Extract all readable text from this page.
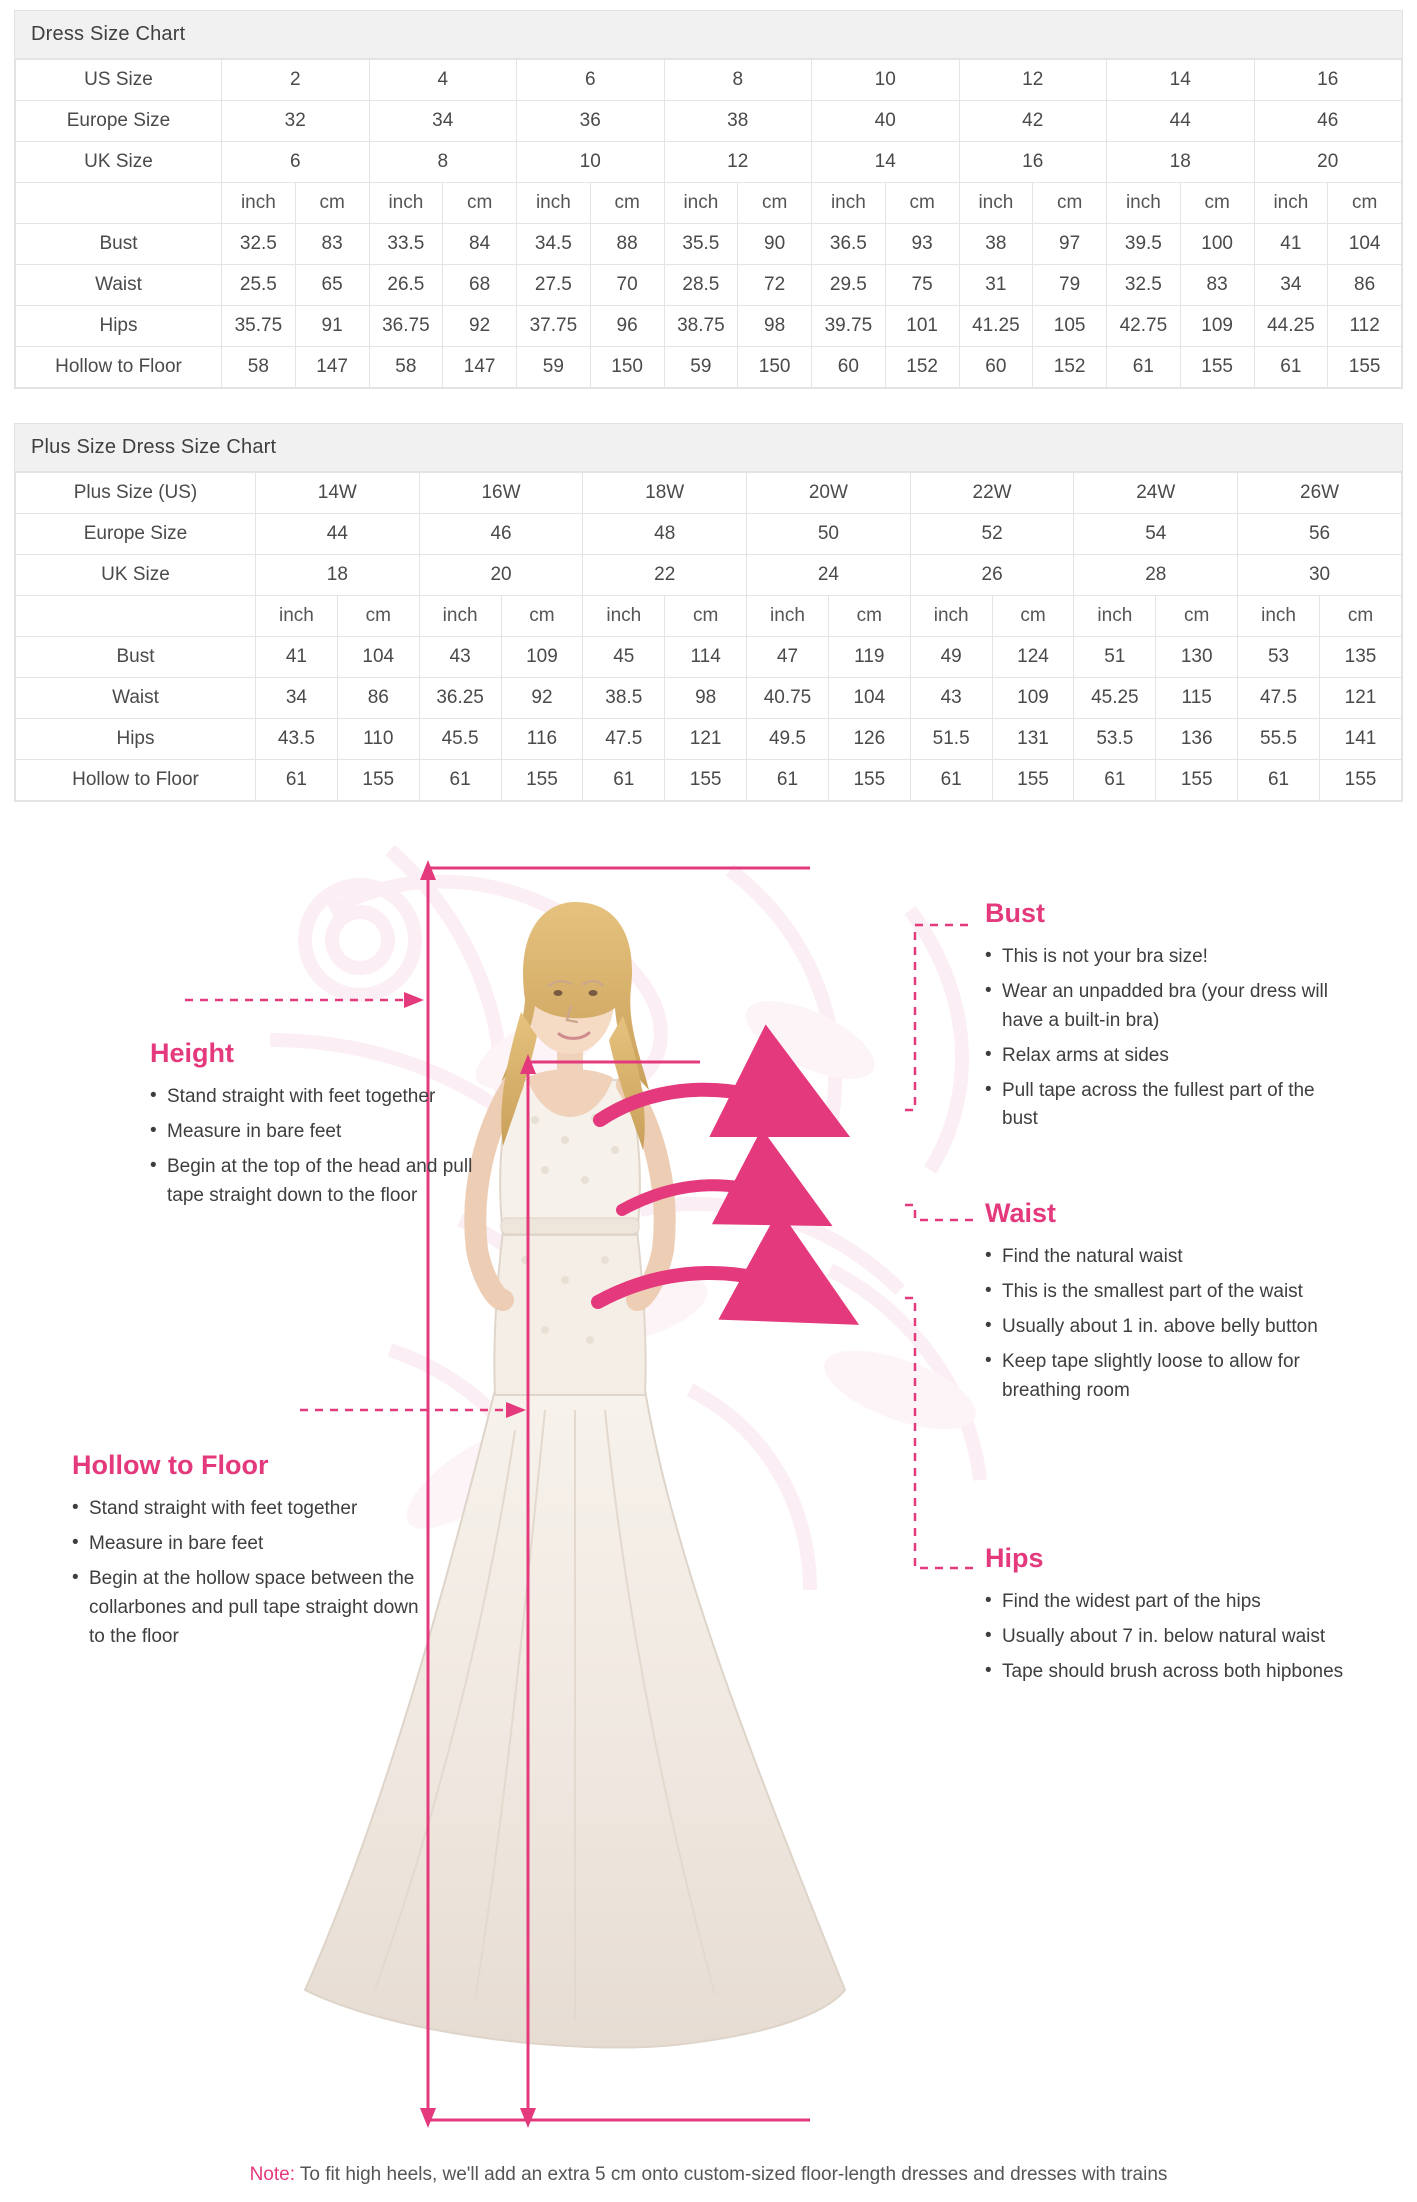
Dress Size Chart
US Size	2		4		6		8		10		12		14		16	
Europe Size	32		34		36		38		40		42		44		46	
UK Size	6		8		10		12		14		16		18		20	
	inch	cm	inch	cm	inch	cm	inch	cm	inch	cm	inch	cm	inch	cm	inch	cm
Bust	32.5	83	33.5	84	34.5	88	35.5	90	36.5	93	38	97	39.5	100	41	104
Waist	25.5	65	26.5	68	27.5	70	28.5	72	29.5	75	31	79	32.5	83	34	86
Hips	35.75	91	36.75	92	37.75	96	38.75	98	39.75	101	41.25	105	42.75	109	44.25	112
Hollow to Floor	58	147	58	147	59	150	59	150	60	152	60	152	61	155	61	155
Plus Size Dress Size Chart
Plus Size (US)	14W		16W		18W		20W		22W		24W		26W	
Europe Size	44		46		48		50		52		54		56	
UK Size	18		20		22		24		26		28		30	
	inch	cm	inch	cm	inch	cm	inch	cm	inch	cm	inch	cm	inch	cm
Bust	41	104	43	109	45	114	47	119	49	124	51	130	53	135
Waist	34	86	36.25	92	38.5	98	40.75	104	43	109	45.25	115	47.5	121
Hips	43.5	110	45.5	116	47.5	121	49.5	126	51.5	131	53.5	136	55.5	141
Hollow to Floor	61	155	61	155	61	155	61	155	61	155	61	155	61	155
Height
• Stand straight with feet together
• Measure in bare feet
• Begin at the top of the head and pull tape straight down to the floor
Hollow to Floor
• Stand straight with feet together
• Measure in bare feet
• Begin at the hollow space between the collarbones and pull tape straight down to the floor
Bust
• This is not your bra size!
• Wear an unpadded bra (your dress will have a built-in bra)
• Relax arms at sides
• Pull tape across the fullest part of the bust
Waist
• Find the natural waist
• This is the smallest part of the waist
• Usually about 1 in. above belly button
• Keep tape slightly loose to allow for breathing room
Hips
• Find the widest part of the hips
• Usually about 7 in. below natural waist
• Tape should brush across both hipbones
Note: To fit high heels, we'll add an extra 5 cm onto custom-sized floor-length dresses and dresses with trains
